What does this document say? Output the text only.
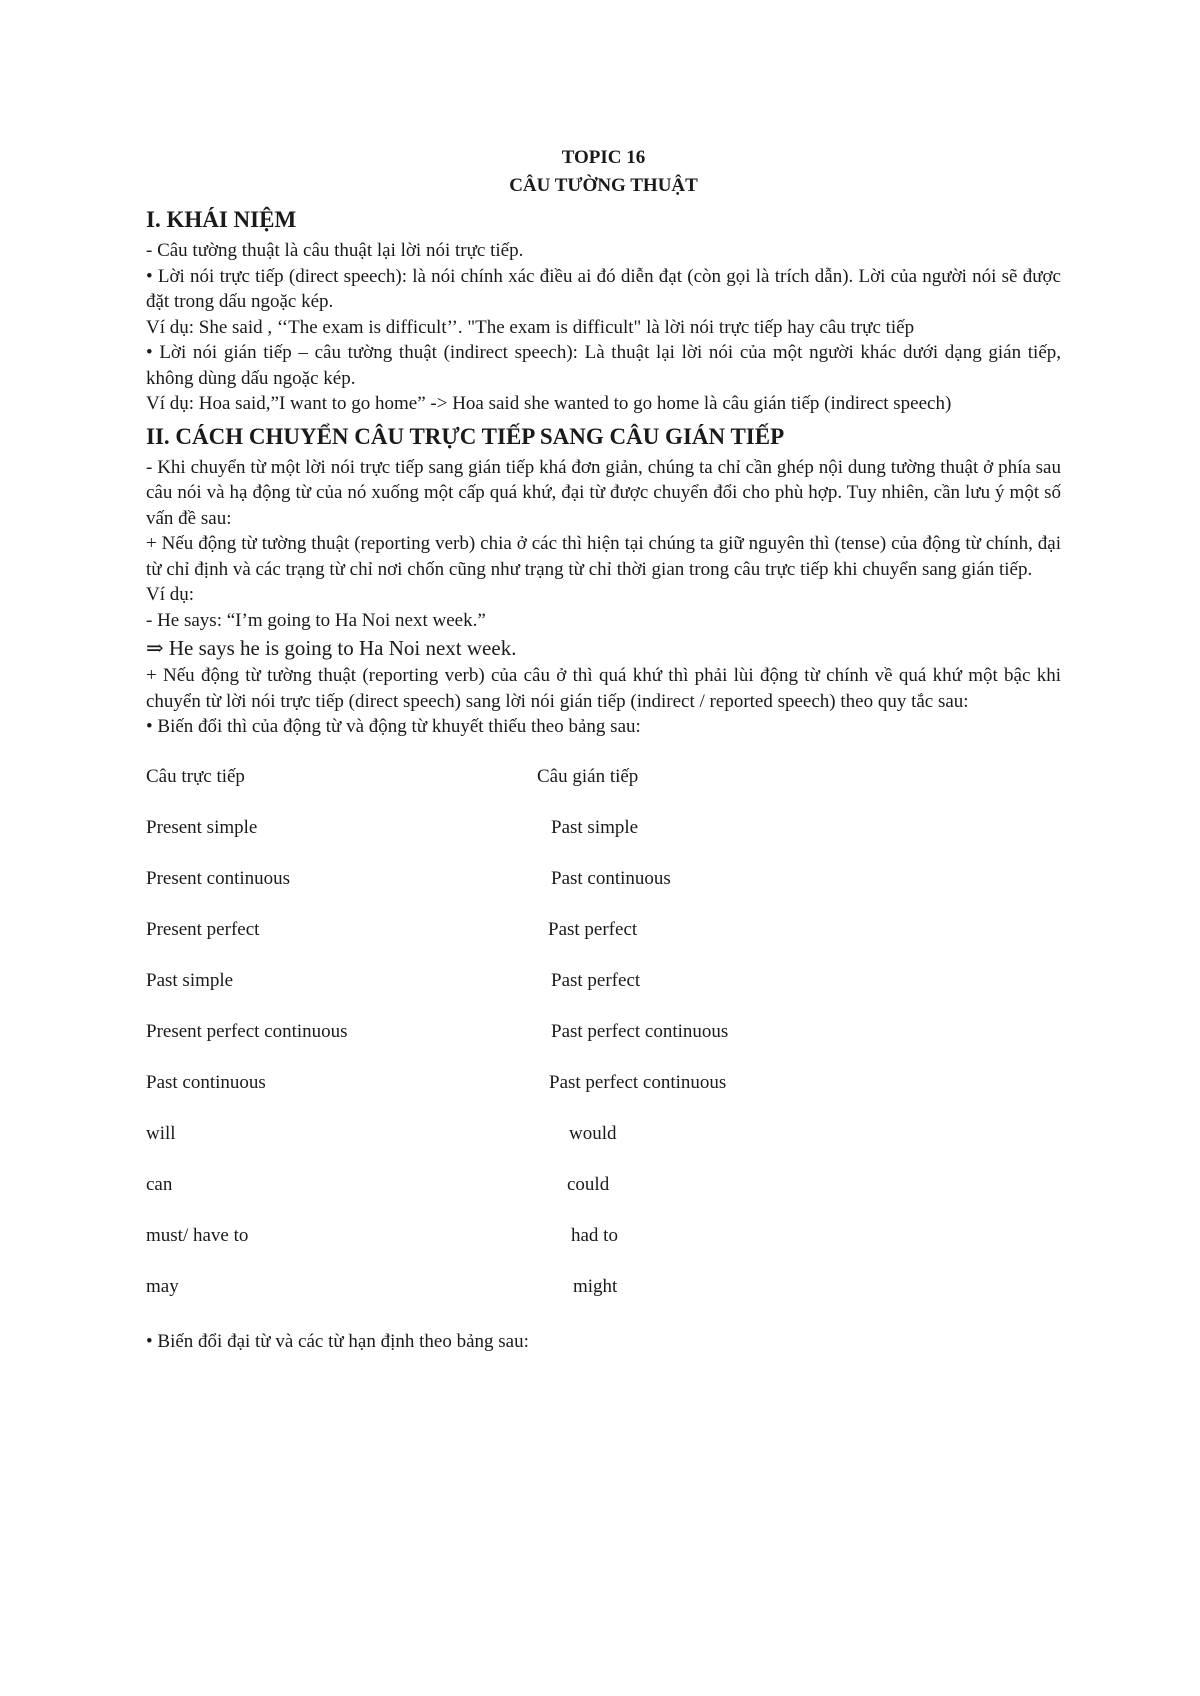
TOPIC 16

CÂU TƯỜNG THUẬT

I. KHÁI NIỆM

- Câu tường thuật là câu thuật lại lời nói trực tiếp.

• Lời nói trực tiếp (direct speech): là nói chính xác điều ai đó diễn đạt (còn gọi là trích dẫn). Lời của người nói sẽ được đặt trong dấu ngoặc kép.

Ví dụ: She said , ‘‘The exam is difficult’’. "The exam is difficult" là lời nói trực tiếp hay câu trực tiếp

• Lời nói gián tiếp – câu tường thuật (indirect speech): Là thuật lại lời nói của một người khác dưới dạng gián tiếp, không dùng dấu ngoặc kép.

Ví dụ: Hoa said,”I want to go home” -> Hoa said she wanted to go home là câu gián tiếp (indirect speech)

II. CÁCH CHUYỂN CÂU TRỰC TIẾP SANG CÂU GIÁN TIẾP

- Khi chuyển từ một lời nói trực tiếp sang gián tiếp khá đơn giản, chúng ta chỉ cần ghép nội dung tường thuật ở phía sau câu nói và hạ động từ của nó xuống một cấp quá khứ, đại từ được chuyển đổi cho phù hợp. Tuy nhiên, cần lưu ý một số vấn đề sau:

+ Nếu động từ tường thuật (reporting verb) chia ở các thì hiện tại chúng ta giữ nguyên thì (tense) của động từ chính, đại từ chỉ định và các trạng từ chỉ nơi chốn cũng như trạng từ chỉ thời gian trong câu trực tiếp khi chuyển sang gián tiếp.

Ví dụ:

- He says: “I’m going to Ha Noi next week.”

⇒ He says he is going to Ha Noi next week.

+ Nếu động từ tường thuật (reporting verb) của câu ở thì quá khứ thì phải lùi động từ chính về quá khứ một bậc khi chuyển từ lời nói trực tiếp (direct speech) sang lời nói gián tiếp (indirect / reported speech) theo quy tắc sau:

• Biến đổi thì của động từ và động từ khuyết thiếu theo bảng sau:

Câu trực tiếp	Câu gián tiếp
Present simple	Past simple
Present continuous	Past continuous
Present perfect	Past perfect
Past simple	Past perfect
Present perfect continuous	Past perfect continuous
Past continuous	Past perfect continuous
will	would
can	could
must/ have to	had to
may	might

• Biến đổi đại từ và các từ hạn định theo bảng sau:
